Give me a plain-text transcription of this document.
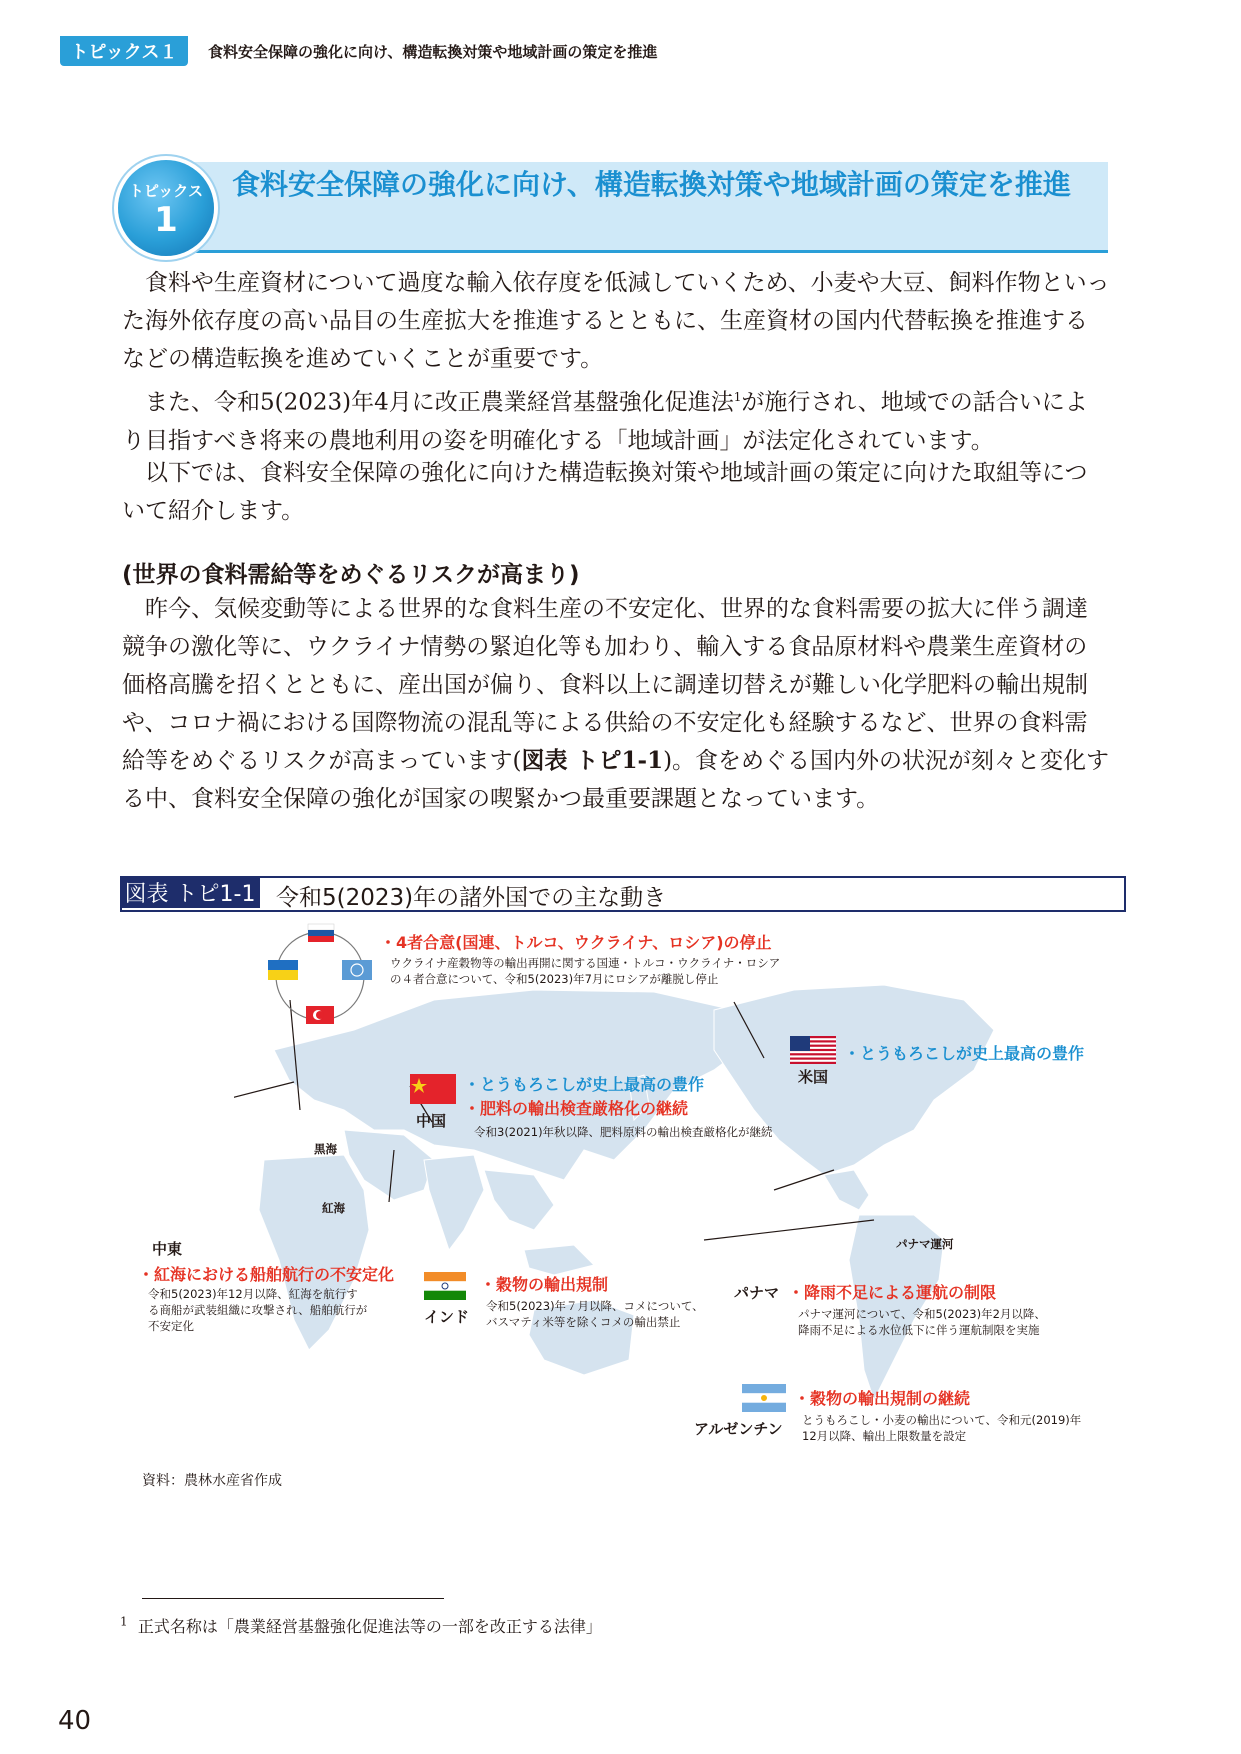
トピックス１	食料安全保障の強化に向け、構造転換対策や地域計画の策定を推進
食料安全保障の強化に向け、構造転換対策や地域計画の策定を推進
トピックス
1

食料や生産資材について過度な輸入依存度を低減していくため、小麦や大豆、飼料作物といった海外依存度の高い品目の生産拡大を推進するとともに、生産資材の国内代替転換を推進するなどの構造転換を進めていくことが重要です。

また、令和5(2023)年4月に改正農業経営基盤強化促進法$^1$が施行され、地域での話合いにより目指すべき将来の農地利用の姿を明確化する「地域計画」が法定化されています。

以下では、食料安全保障の強化に向けた構造転換対策や地域計画の策定に向けた取組等について紹介します。

(世界の食料需給等をめぐるリスクが高まり)

昨今、気候変動等による世界的な食料生産の不安定化、世界的な食料需要の拡大に伴う調達競争の激化等に、ウクライナ情勢の緊迫化等も加わり、輸入する食品原材料や農業生産資材の価格高騰を招くとともに、産出国が偏り、食料以上に調達切替えが難しい化学肥料の輸出規制や、コロナ禍における国際物流の混乱等による供給の不安定化も経験するなど、世界の食料需給等をめぐるリスクが高まっています(図表 トピ1-1)。食をめぐる国内外の状況が刻々と変化する中、食料安全保障の強化が国家の喫緊かつ最重要課題となっています。

図表 トピ1-1 令和5(2023)年の諸外国での主な動き
・4者合意(国連、トルコ、ウクライナ、ロシア)の停止
ウクライナ産穀物等の輸出再開に関する国連・トルコ・ウクライナ・ロシア
の４者合意について、令和5(2023)年7月にロシアが離脱し停止
黒海
紅海
パナマ運河
米国
・とうもろこしが史上最高の豊作
中国
・とうもろこしが史上最高の豊作
・肥料の輸出検査厳格化の継続
令和3(2021)年秋以降、肥料原料の輸出検査厳格化が継続
中東
・紅海における船舶航行の不安定化
令和5(2023)年12月以降、紅海を航行す
る商船が武装組織に攻撃され、船舶航行が
不安定化	インド
・穀物の輸出規制
令和5(2023)年７月以降、コメについて、
バスマティ米等を除くコメの輸出禁止
パナマ ・降雨不足による運航の制限
パナマ運河について、令和5(2023)年2月以降、
降雨不足による水位低下に伴う運航制限を実施
アルゼンチン
・穀物の輸出規制の継続
とうもろこし・小麦の輸出について、令和元(2019)年
12月以降、輸出上限数量を設定
資料：農林水産省作成
$^1$ 正式名称は「農業経営基盤強化促進法等の一部を改正する法律」
40
